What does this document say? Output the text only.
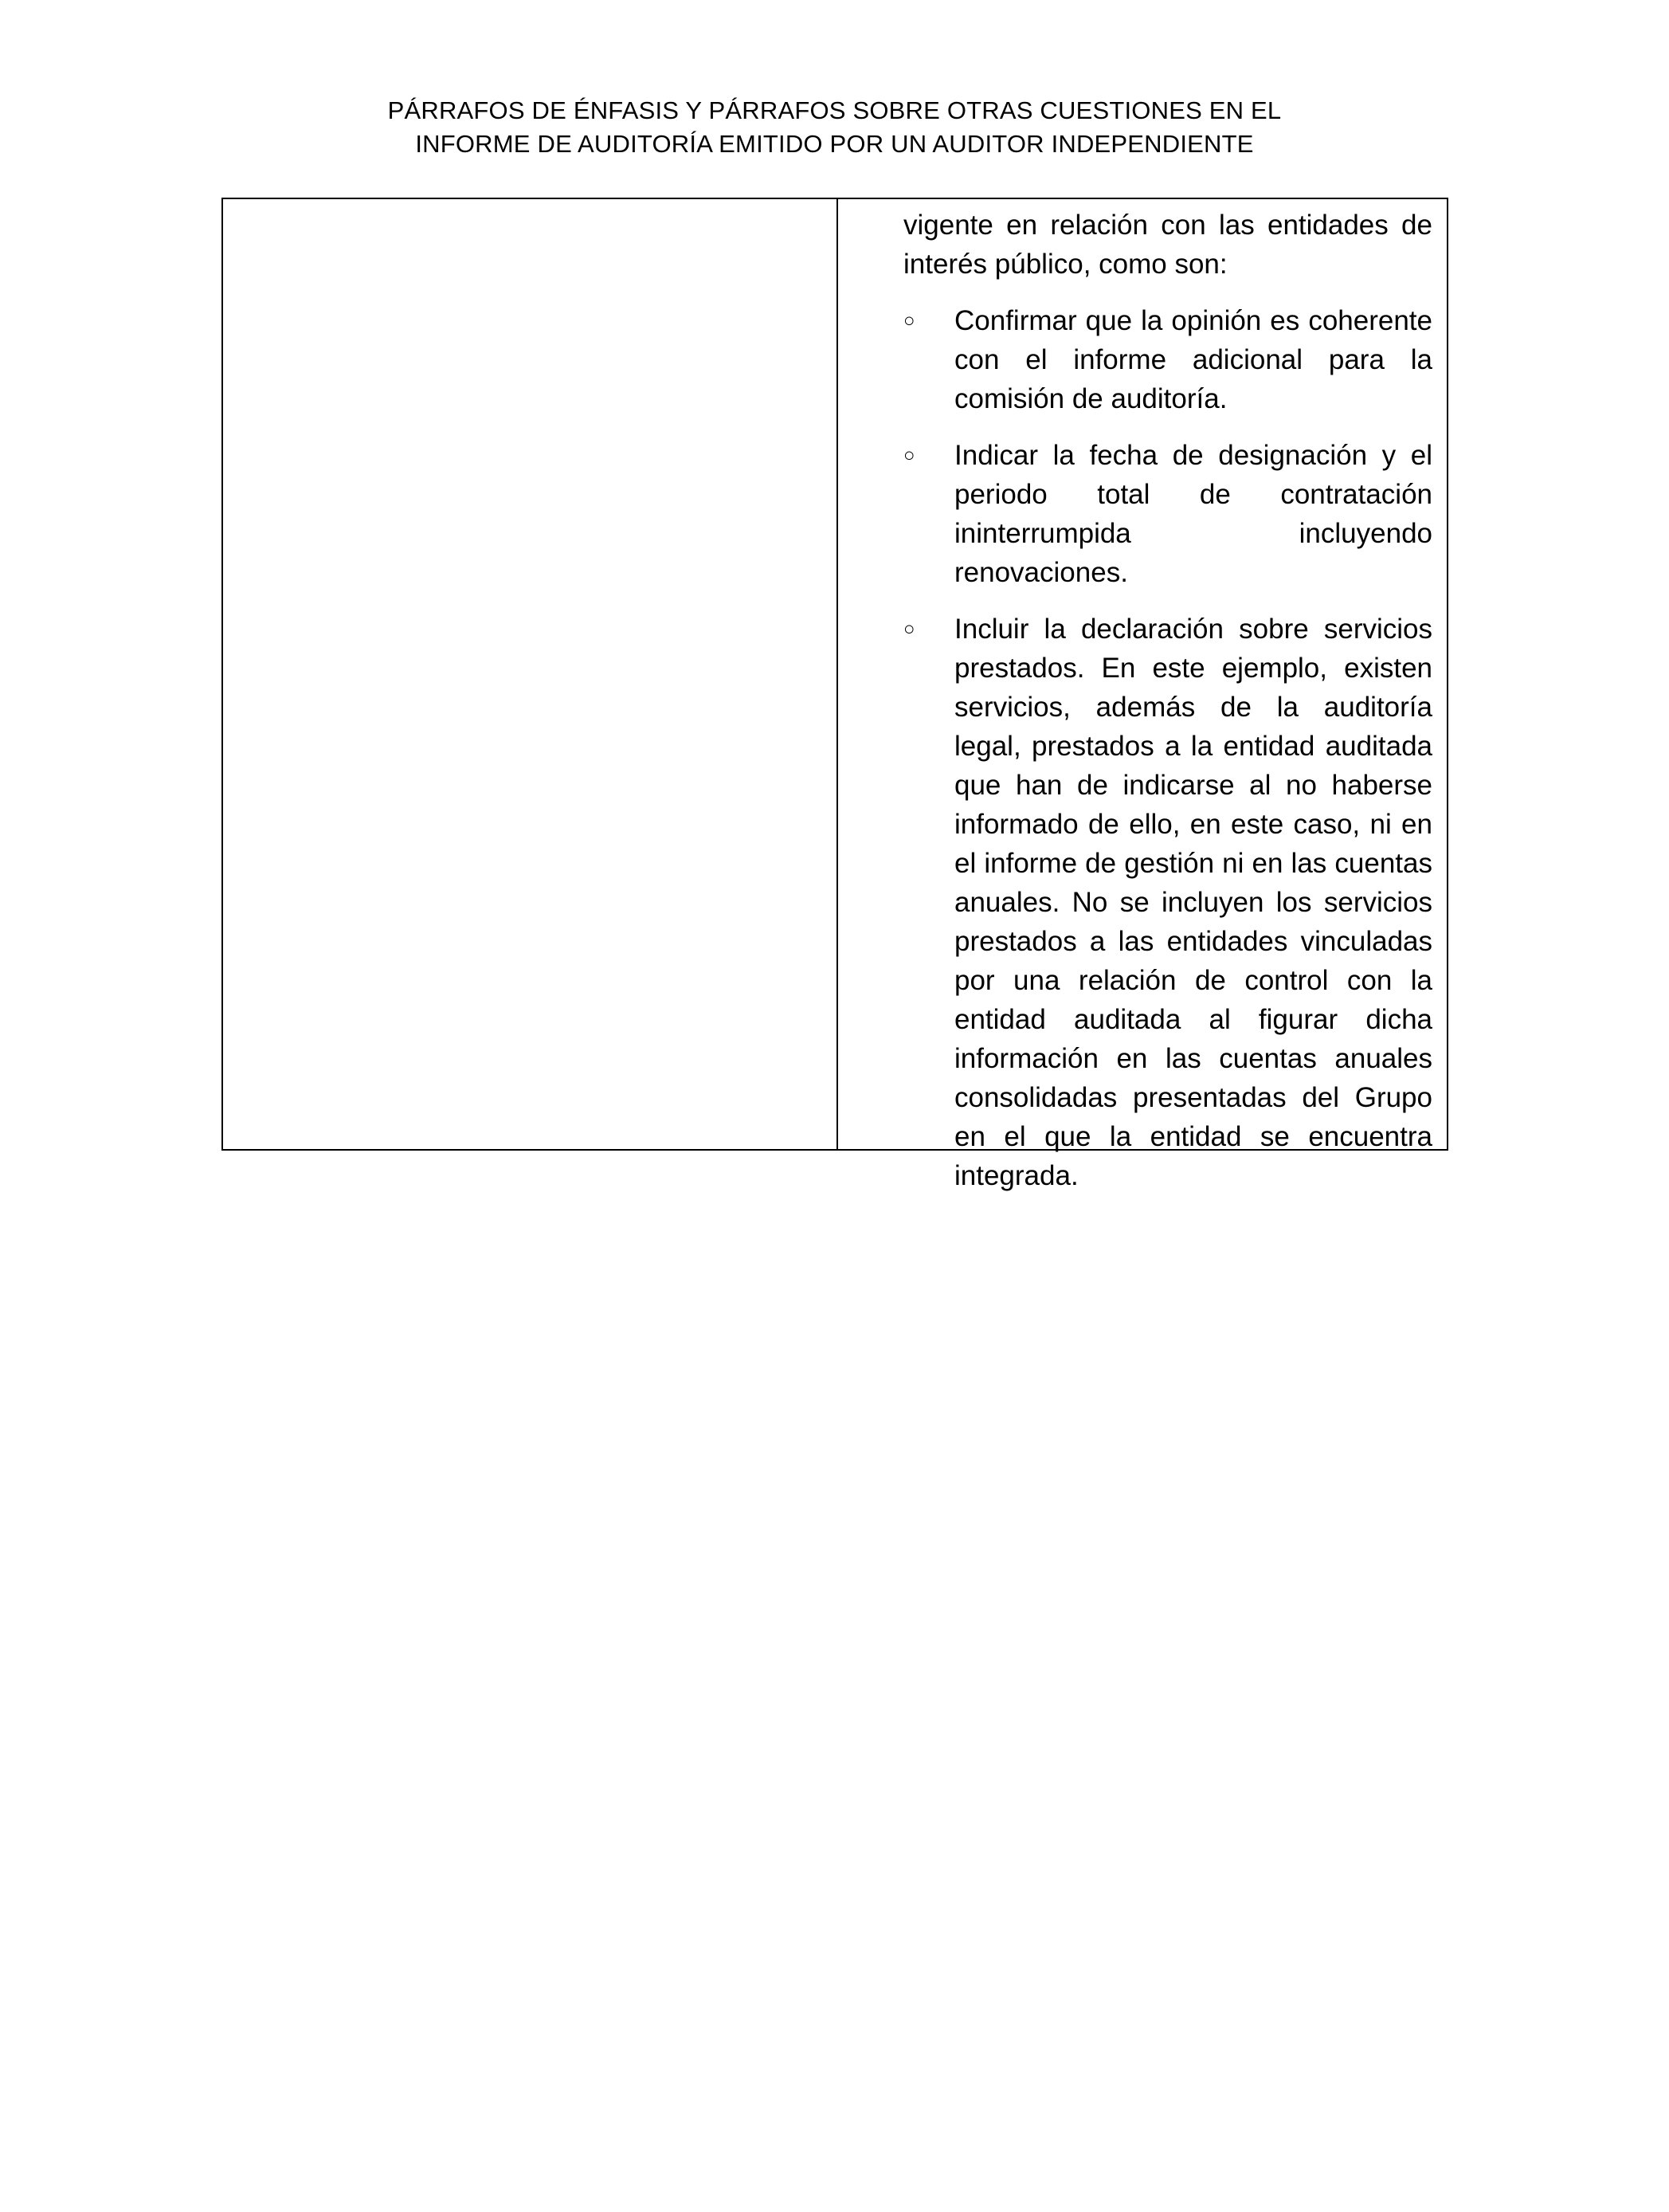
PÁRRAFOS DE ÉNFASIS Y PÁRRAFOS SOBRE OTRAS CUESTIONES EN EL
INFORME DE AUDITORÍA EMITIDO POR UN AUDITOR INDEPENDIENTE

vigente en relación con las entidades de interés público, como son:

○ Confirmar que la opinión es coherente con el informe adicional para la comisión de auditoría.
○ Indicar la fecha de designación y el periodo total de contratación ininterrumpida incluyendo renovaciones.
○ Incluir la declaración sobre servicios prestados. En este ejemplo, existen servicios, además de la auditoría legal, prestados a la entidad auditada que han de indicarse al no haberse informado de ello, en este caso, ni en el informe de gestión ni en las cuentas anuales. No se incluyen los servicios prestados a las entidades vinculadas por una relación de control con la entidad auditada al figurar dicha información en las cuentas anuales consolidadas presentadas del Grupo en el que la entidad se encuentra integrada.
